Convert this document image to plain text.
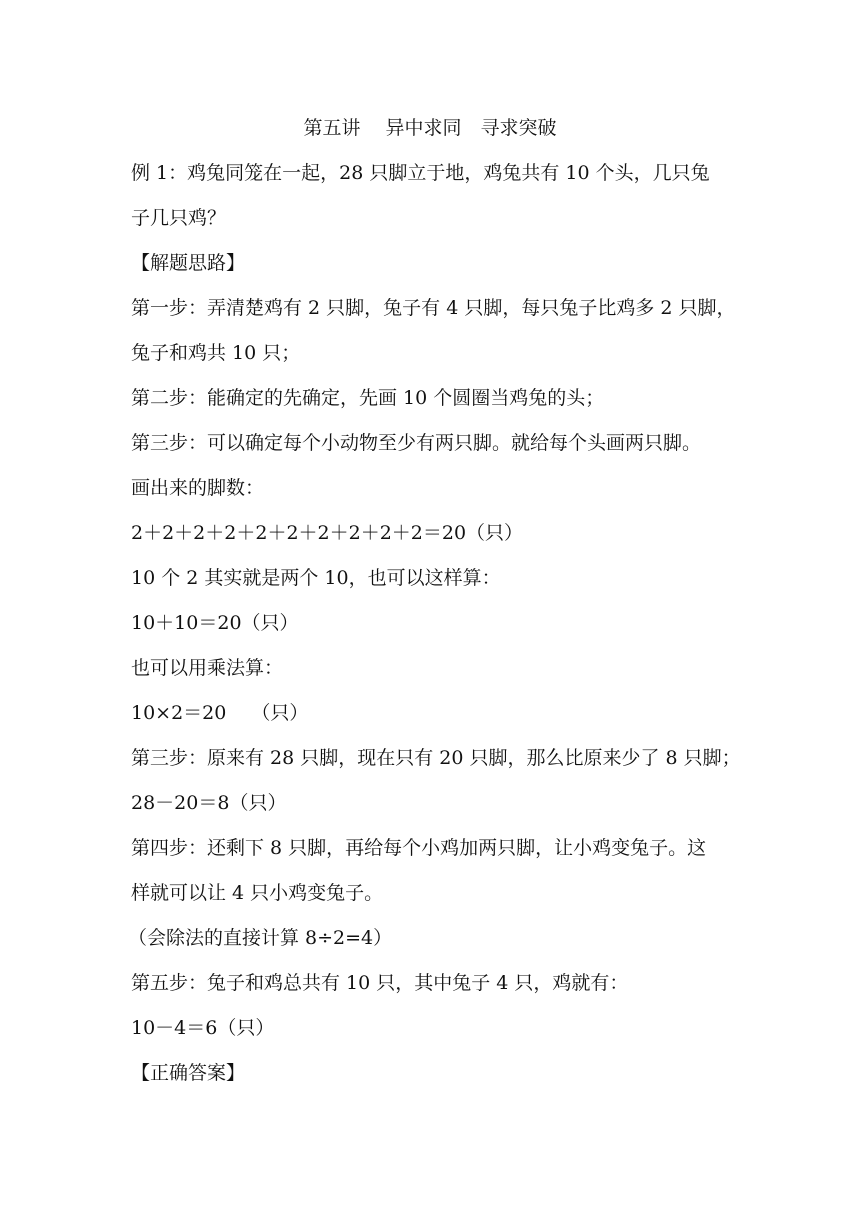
第五讲　 异中求同　寻求突破
例 1：鸡兔同笼在一起，28 只脚立于地，鸡兔共有 10 个头，几只兔
子几只鸡？
【解题思路】
第一步：弄清楚鸡有 2 只脚，兔子有 4 只脚，每只兔子比鸡多 2 只脚，
兔子和鸡共 10 只；
第二步：能确定的先确定，先画 10 个圆圈当鸡兔的头；
第三步：可以确定每个小动物至少有两只脚。就给每个头画两只脚。
画出来的脚数：
2＋2＋2＋2＋2＋2＋2＋2＋2＋2＝20（只）
10 个 2 其实就是两个 10，也可以这样算：
10＋10＝20（只）
也可以用乘法算：
10×2＝20　 （只）
第三步：原来有 28 只脚，现在只有 20 只脚，那么比原来少了 8 只脚；
28－20＝8（只）
第四步：还剩下 8 只脚，再给每个小鸡加两只脚，让小鸡变兔子。这
样就可以让 4 只小鸡变兔子。
（会除法的直接计算 8÷2=4）
第五步：兔子和鸡总共有 10 只，其中兔子 4 只，鸡就有：
10－4＝6（只）
【正确答案】
